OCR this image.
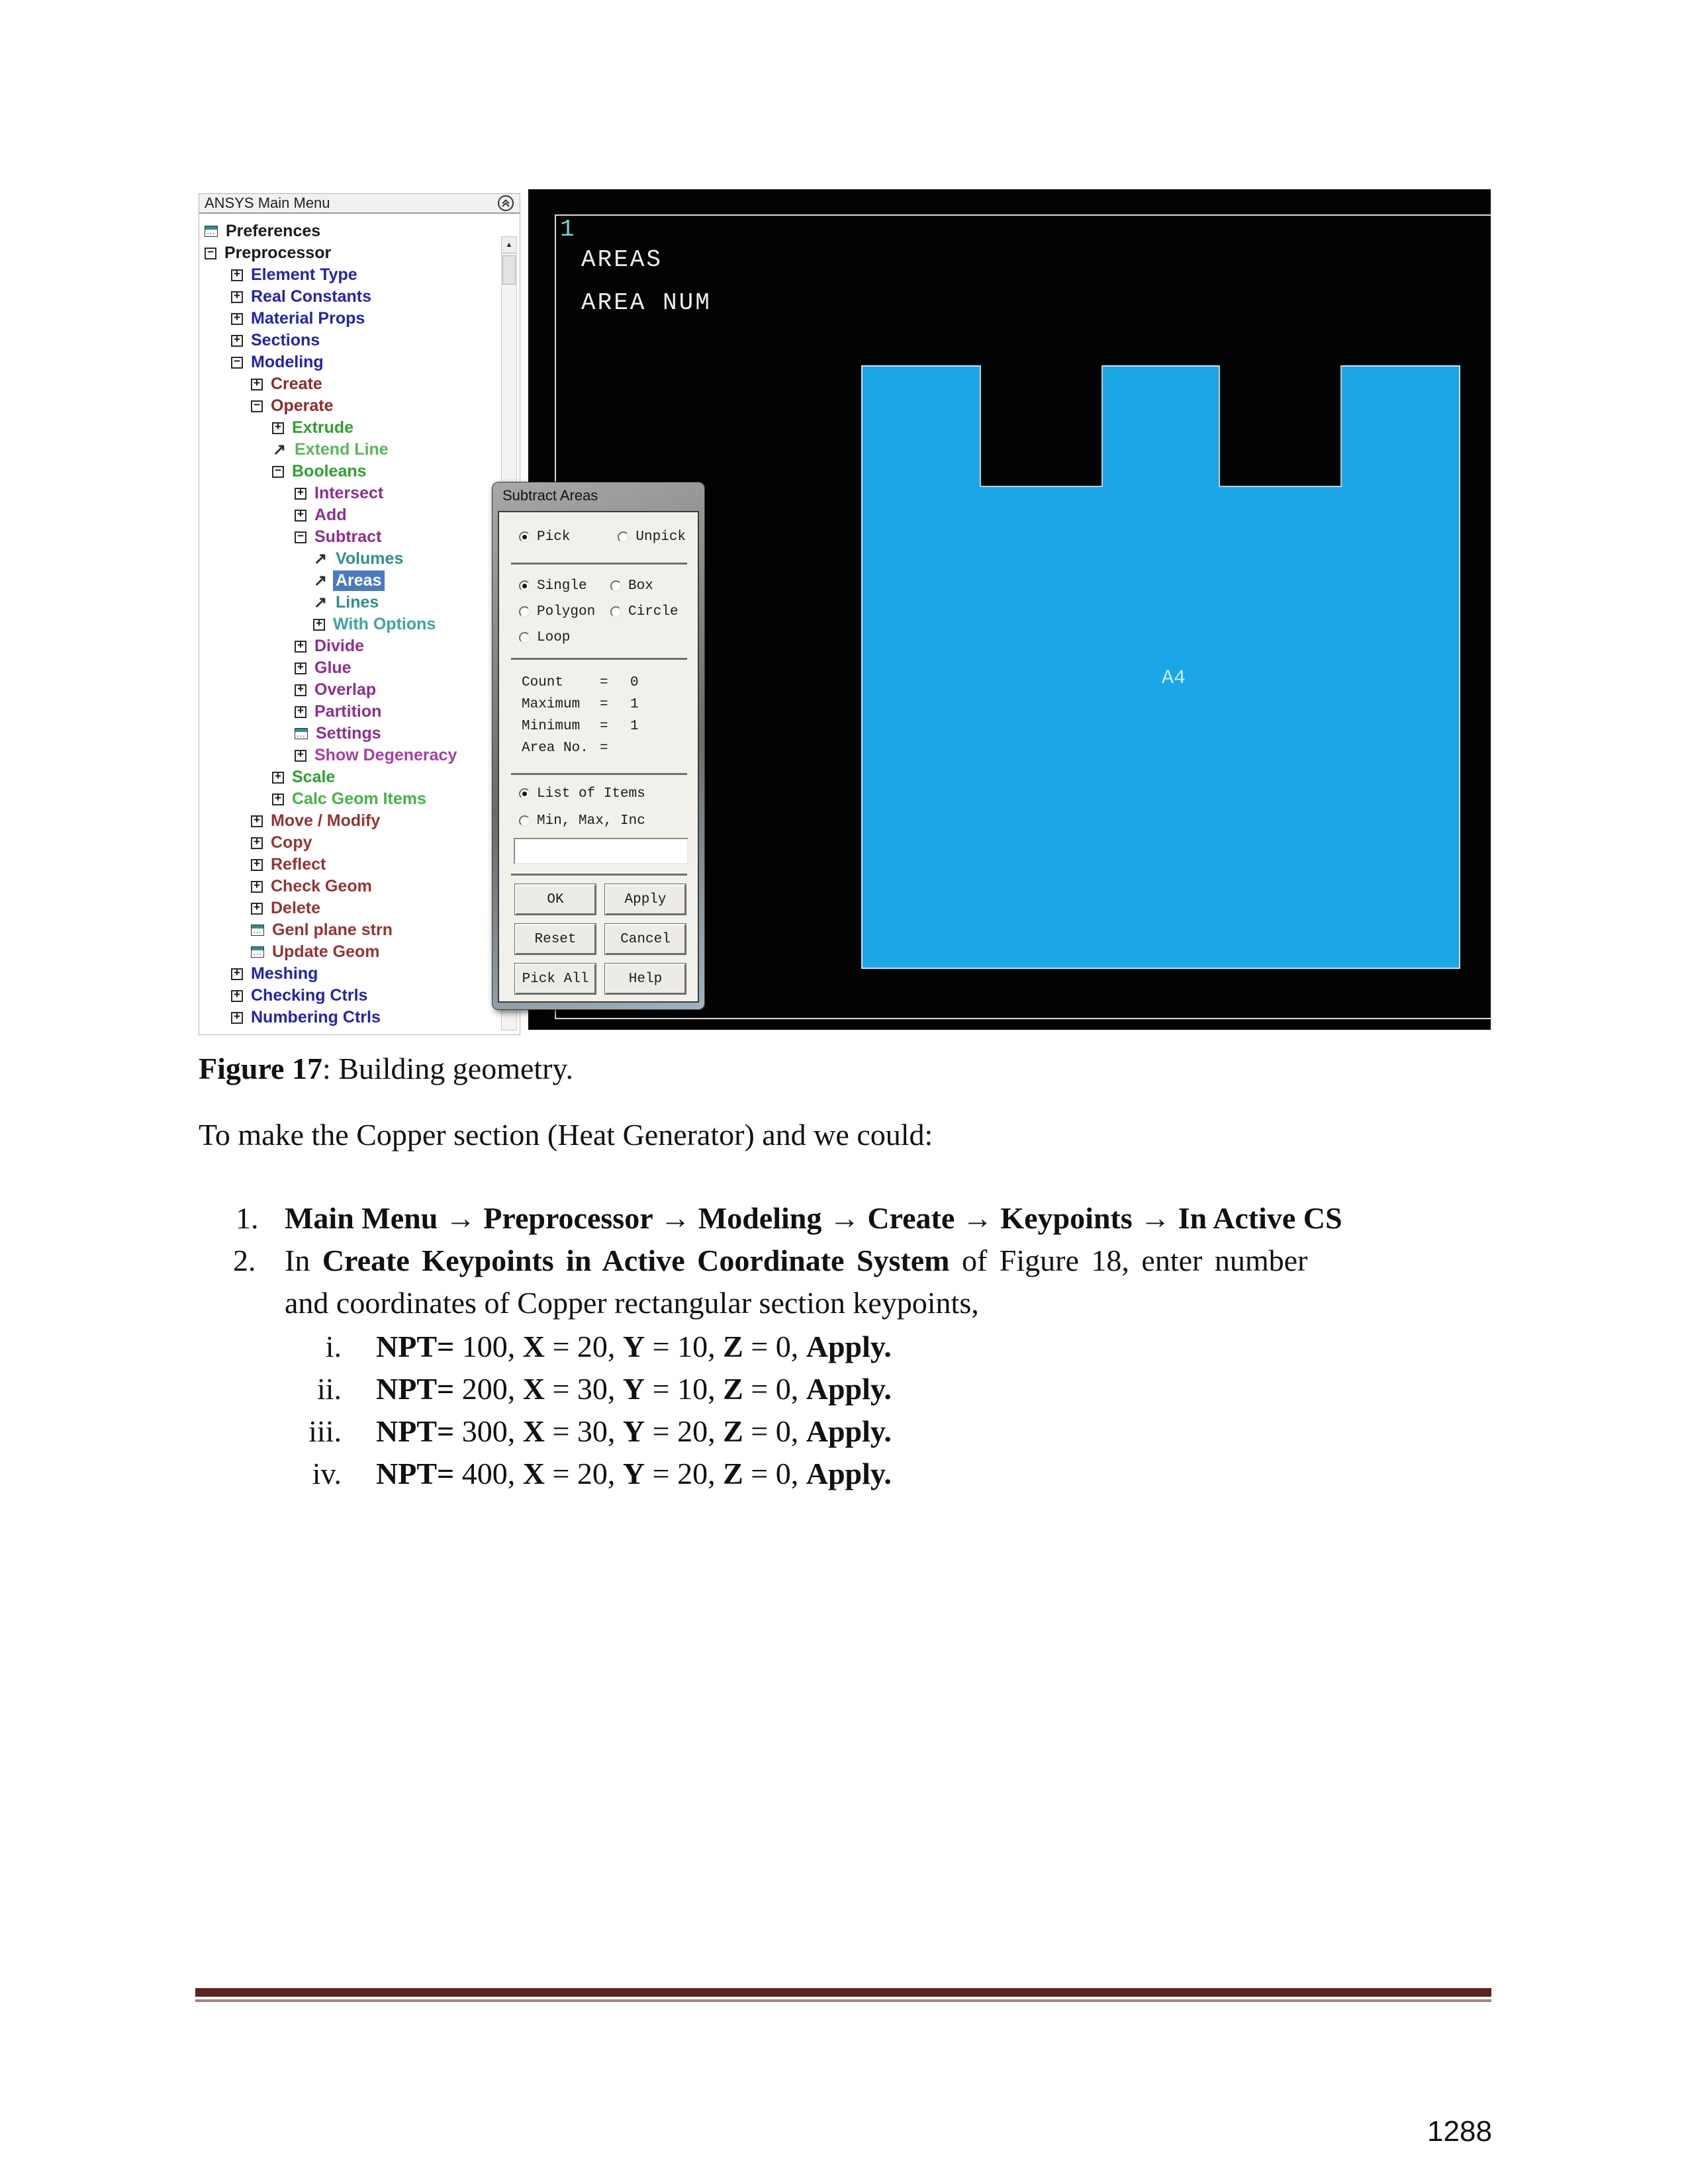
ANSYS Main Menu
···
Preferences
− Preprocessor
+ Element Type
+ Real Constants
+ Material Props
+ Sections
− Modeling
+ Create
− Operate
+ Extrude
↗ Extend Line
− Booleans
+ Intersect
+ Add
− Subtract
↗ Volumes
↗ Areas
↗ Lines
+ With Options
+ Divide
+ Glue
+ Overlap
+ Partition
···
Settings
+ Show Degeneracy
+ Scale
+ Calc Geom Items
+ Move / Modify
+ Copy
+ Reflect
+ Check Geom
+ Delete
···
Genl plane strn
···
Update Geom
+ Meshing
+ Checking Ctrls
+ Numbering Ctrls
▲
1
AREAS
AREA NUM
A4
Subtract Areas
Pick	Unpick
Single	Box
Polygon Circle
Loop
Count	=	0
Maximum	=	1
Minimum	=	1
Area No. =
List of Items
Min, Max, Inc
OK	Apply
Reset	Cancel
Pick All	Help
Figure 17: Building geometry.
To make the Copper section (Heat Generator) and we could:
1. Main Menu → Preprocessor → Modeling → Create → Keypoints → In Active CS
2. In Create Keypoints in Active Coordinate System of Figure 18, enter number
and coordinates of Copper rectangular section keypoints,
i. NPT= 100, X = 20, Y = 10, Z = 0, Apply.
ii. NPT= 200, X = 30, Y = 10, Z = 0, Apply.
iii. NPT= 300, X = 30, Y = 20, Z = 0, Apply.
iv. NPT= 400, X = 20, Y = 20, Z = 0, Apply.
1288
